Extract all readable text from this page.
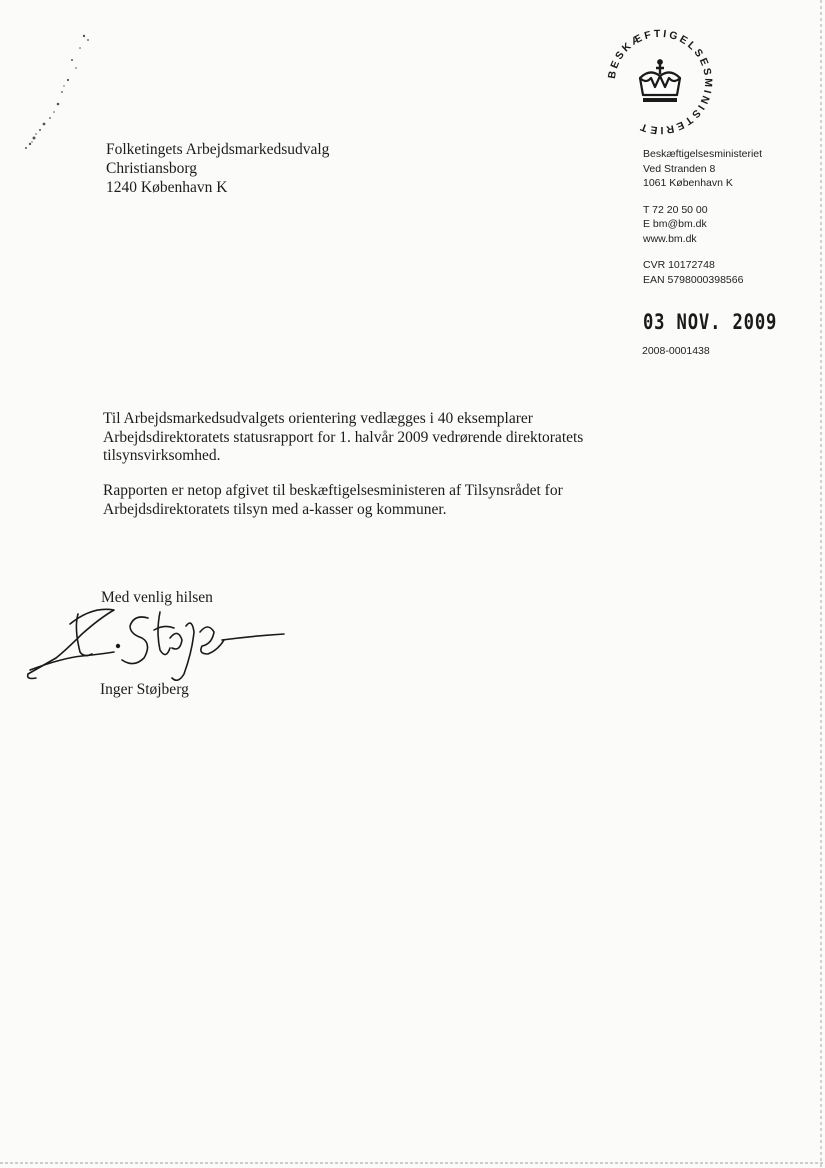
Folketingets Arbejdsmarkedsudvalg
Christiansborg
1240 København K
BESKÆFTIGELSESMINISTERIET
Beskæftigelsesministeriet
Ved Stranden 8
1061 København K
T 72 20 50 00
E bm@bm.dk
www.bm.dk
CVR 10172748
EAN 5798000398566
03 NOV. 2009
2008-0001438
Til Arbejdsmarkedsudvalgets orientering vedlægges i 40 eksemplarer Arbejdsdirektoratets statusrapport for 1. halvår 2009 vedrørende direktoratets tilsynsvirksomhed.
Rapporten er netop afgivet til beskæftigelsesministeren af Tilsynsrådet for Arbejdsdirektoratets tilsyn med a-kasser og kommuner.
Med venlig hilsen
Inger Støjberg
